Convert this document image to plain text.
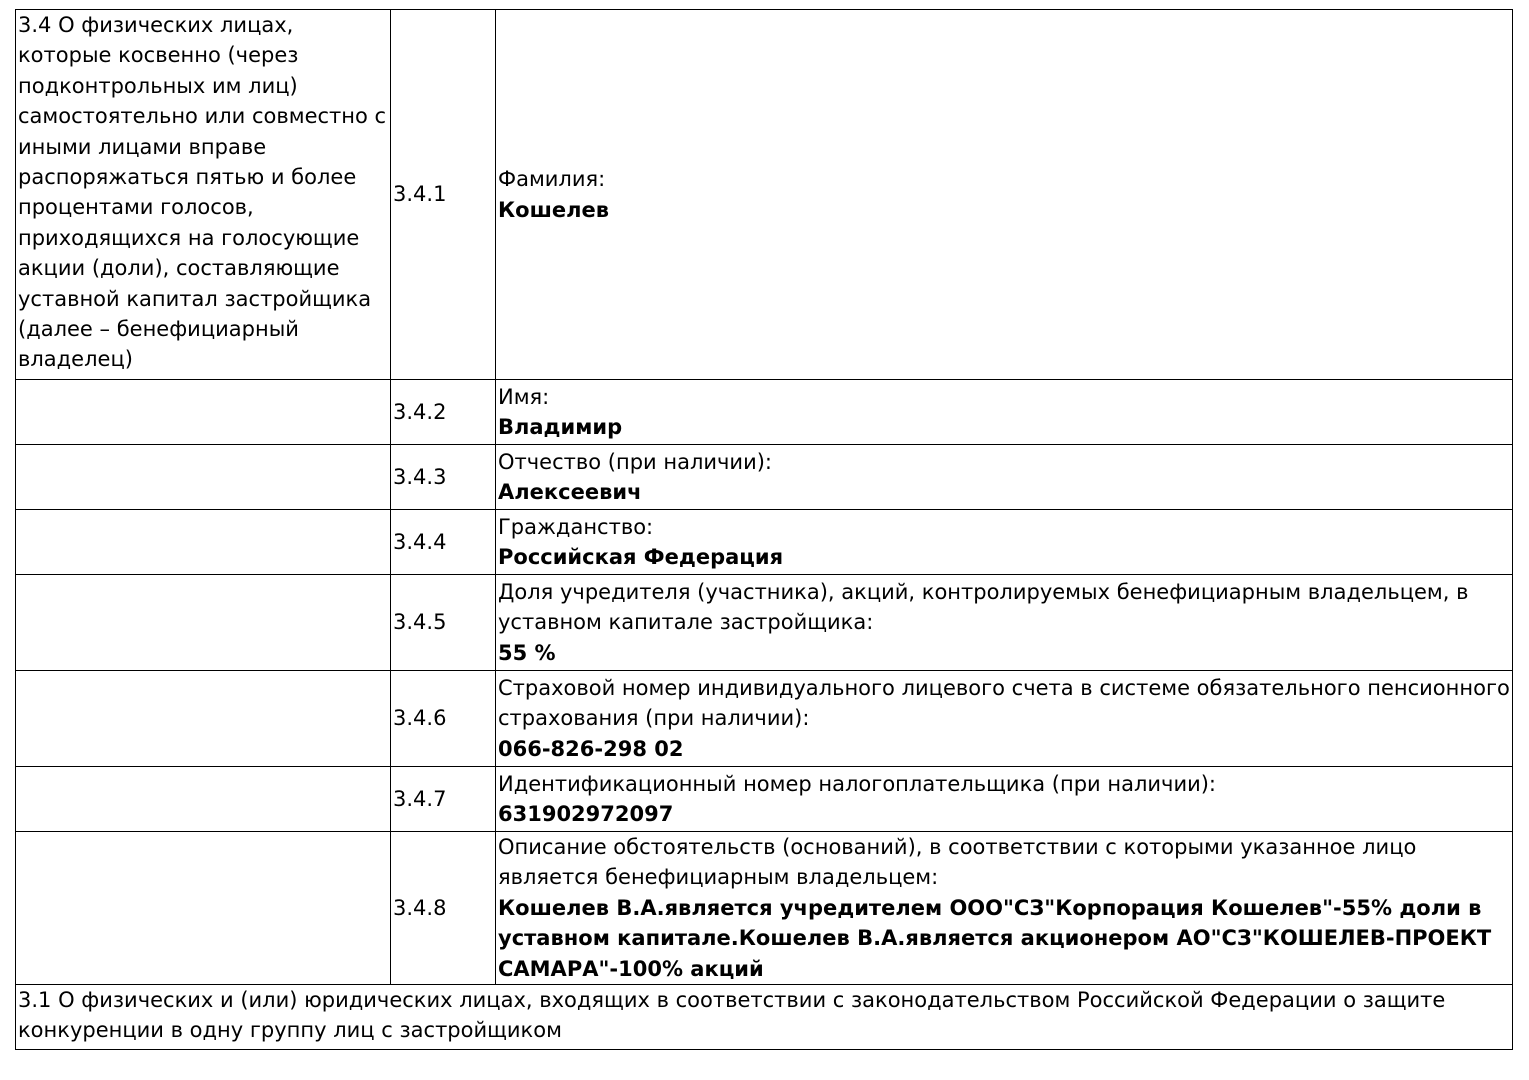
3.4 О физических лицах, которые косвенно (через подконтрольных им лиц) самостоятельно или совместно с иными лицами вправе распоряжаться пятью и более процентами голосов, приходящихся на голосующие акции (доли), составляющие уставной капитал застройщика (далее – бенефициарный владелец)	3.4.1	Фамилия:
Кошелев

	3.4.2	Имя:
Владимир

	3.4.3	Отчество (при наличии):
Алексеевич

	3.4.4	Гражданство:
Российская Федерация

	3.4.5	Доля учредителя (участника), акций, контролируемых бенефициарным владельцем, в уставном капитале застройщика:
55 %

	3.4.6	Страховой номер индивидуального лицевого счета в системе обязательного пенсионного страхования (при наличии):
066-826-298 02

	3.4.7	Идентификационный номер налогоплательщика (при наличии):
631902972097

	3.4.8	Описание обстоятельств (оснований), в соответствии с которыми указанное лицо является бенефициарным владельцем:
Кошелев В.А.является учредителем ООО"СЗ"Корпорация Кошелев"-55% доли в уставном капитале.Кошелев В.А.является акционером АО"СЗ"КОШЕЛЕВ-ПРОЕКТ САМАРА"-100% акций

3.1 О физических и (или) юридических лицах, входящих в соответствии с законодательством Российской Федерации о защите конкуренции в одну группу лиц с застройщиком		
